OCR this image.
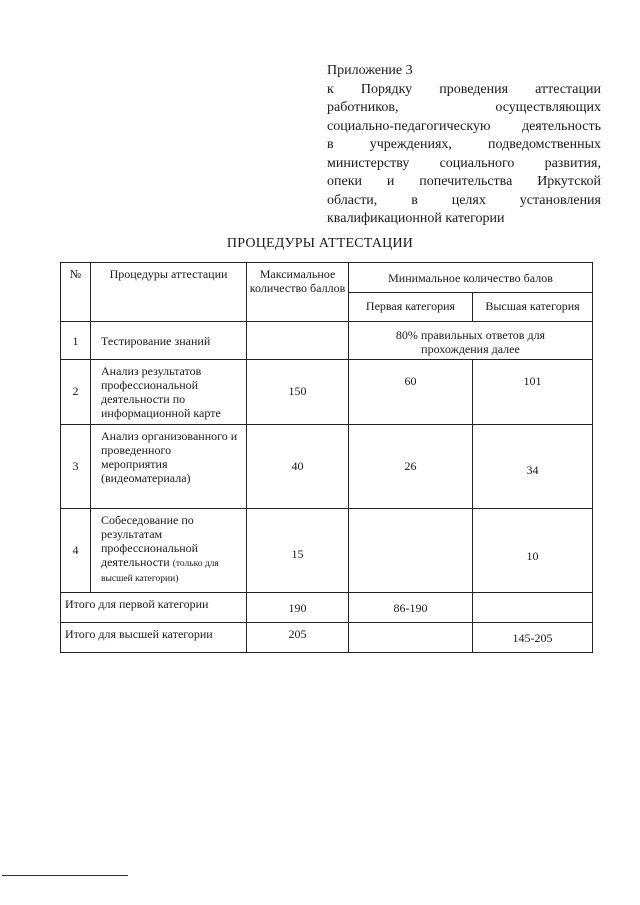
Приложение 3
к Порядку проведения аттестации
работников, осуществляющих
социально-педагогическую деятельность
в учреждениях, подведомственных
министерству социального развития,
опеки и попечительства Иркутской
области, в целях установления
квалификационной категории
ПРОЦЕДУРЫ АТТЕСТАЦИИ
№	Процедуры аттестации	Максимальное количество баллов	Минимальное количество балов	
			Первая категория	Высшая категория
1	Тестирование знаний		80% правильных ответов для прохождения далее	
2	Анализ результатов профессиональной деятельности по информационной карте	150	60	101
3	Анализ организованного и проведенного мероприятия (видеоматериала)	40	26	34
4	Собеседование по результатам профессиональной деятельности (только для высшей категории)	15		10
Итого для первой категории		190	86-190	
Итого для высшей категории		205		145-205
